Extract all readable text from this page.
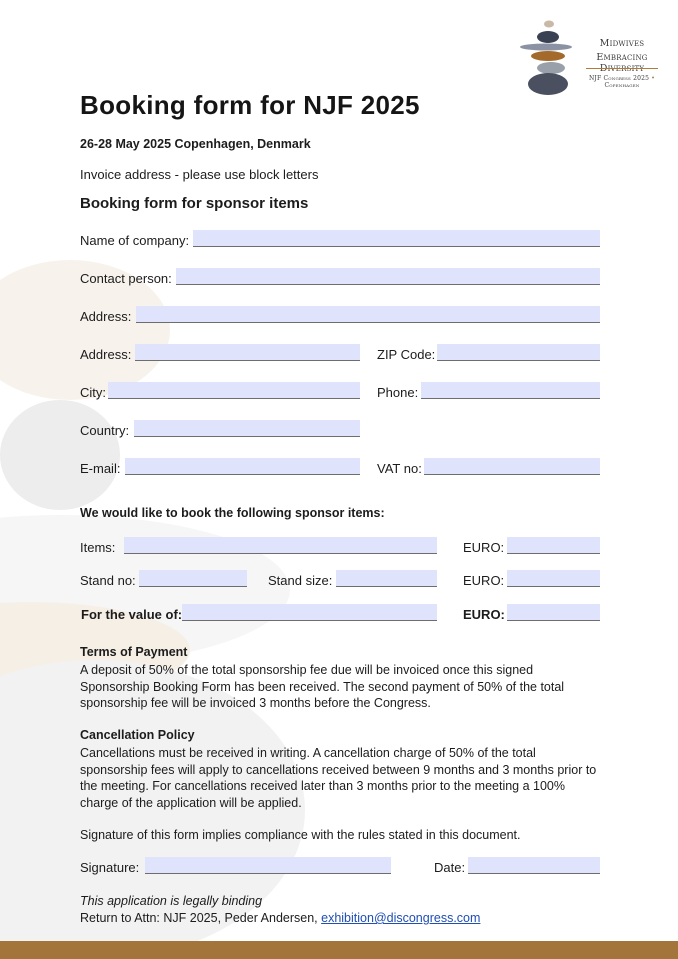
Midwives
Embracing
NJF Congress 2025 • Copenhagen
Booking form for NJF 2025
26-28 May 2025 Copenhagen, Denmark
Invoice address - please use block letters
Booking form for sponsor items
Name of company:
Contact person:
Address:
Address:	ZIP Code:
City:	Phone:
Country:
E-mail:	VAT no:
We would like to book the following sponsor items:
Items:	EURO:
Stand no:	Stand size:	EURO:
For the value of:	EURO:
Terms of Payment
A deposit of 50% of the total sponsorship fee due will be invoiced once this signed Sponsorship Booking Form has been received. The second payment of 50% of the total sponsorship fee will be invoiced 3 months before the Congress.
Cancellation Policy
Cancellations must be received in writing. A cancellation charge of 50% of the total sponsorship fees will apply to cancellations received between 9 months and 3 months prior to the meeting. For cancellations received later than 3 months prior to the meeting a 100% charge of the application will be applied.
Signature of this form implies compliance with the rules stated in this document.
Signature:	Date:
This application is legally binding
Return to Attn: NJF 2025, Peder Andersen, exhibition@discongress.com
